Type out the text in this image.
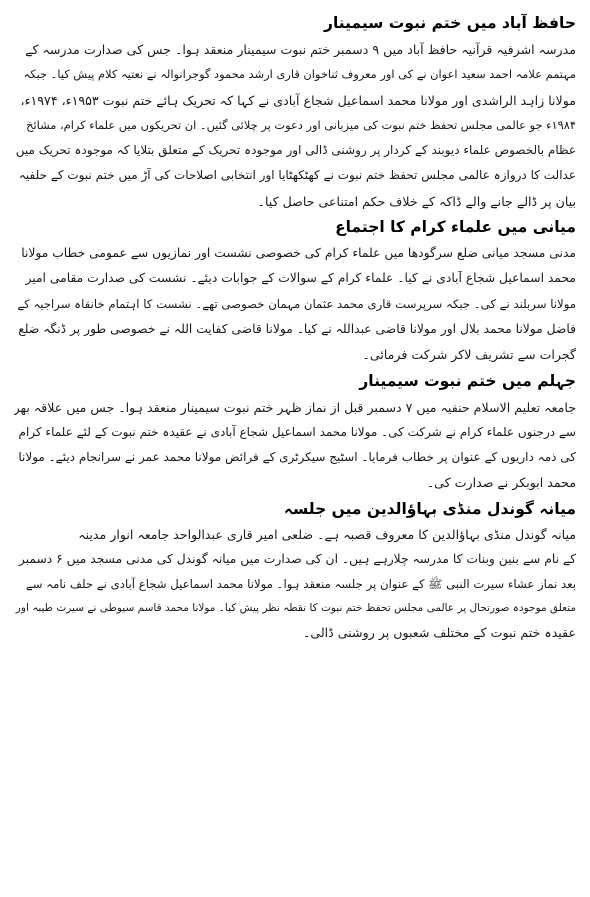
حافظ آباد میں ختم نبوت سیمینار

مدرسہ اشرفیہ قرآنیہ حافظ آباد میں ۹ دسمبر ختم نبوت سیمینار منعقد ہوا۔ جس کی صدارت مدرسہ کے

مہتمم علامہ احمد سعید اعوان نے کی اور معروف ثناخوان قاری ارشد محمود گوجرانوالہ نے نعتیہ کلام پیش کیا۔ جبکہ

مولانا زاہد الراشدی اور مولانا محمد اسماعیل شجاع آبادی نے کہا کہ تحریک ہائے ختم نبوت ۱۹۵۳ء، ۱۹۷۴ء،

۱۹۸۴ء جو عالمی مجلس تحفظ ختم نبوت کی میزبانی اور دعوت پر چلائی گئیں۔ ان تحریکوں میں علماء کرام، مشائخ

عظام بالخصوص علماء دیوبند کے کردار پر روشنی ڈالی اور موجودہ تحریک کے متعلق بتلایا کہ موجودہ تحریک میں

عدالت کا دروازہ عالمی مجلس تحفظ ختم نبوت نے کھٹکھٹایا اور انتخابی اصلاحات کی آڑ میں ختم نبوت کے حلفیہ

بیان پر ڈالے جانے والے ڈاکہ کے خلاف حکم امتناعی حاصل کیا۔

میانی میں علماء کرام کا اجتماع

مدنی مسجد میانی ضلع سرگودھا میں علماء کرام کی خصوصی نشست اور نمازیوں سے عمومی خطاب مولانا

محمد اسماعیل شجاع آبادی نے کیا۔ علماء کرام کے سوالات کے جوابات دیئے۔ نشست کی صدارت مقامی امیر

مولانا سربلند نے کی۔ جبکہ سرپرست قاری محمد عثمان مہمان خصوصی تھے۔ نشست کا اہتمام خانقاہ سراجیہ کے

فاضل مولانا محمد بلال اور مولانا قاضی عبداللہ نے کیا۔ مولانا قاضی کفایت اللہ نے خصوصی طور پر ڈنگہ ضلع

گجرات سے تشریف لاکر شرکت فرمائی۔

جہلم میں ختم نبوت سیمینار

جامعہ تعلیم الاسلام حنفیہ میں ۷ دسمبر قبل از نماز ظہر ختم نبوت سیمینار منعقد ہوا۔ جس میں علاقہ بھر

سے درجنوں علماء کرام نے شرکت کی۔ مولانا محمد اسماعیل شجاع آبادی نے عقیدہ ختم نبوت کے لئے علماء کرام

کی ذمہ داریوں کے عنوان پر خطاب فرمایا۔ اسٹیج سیکرٹری کے فرائض مولانا محمد عمر نے سرانجام دیئے۔ مولانا

محمد ابوبکر نے صدارت کی۔

میانہ گوندل منڈی بہاؤالدین میں جلسہ

میانہ گوندل منڈی بہاؤالدین کا معروف قصبہ ہے۔ ضلعی امیر قاری عبدالواحد جامعہ انوار مدینہ

کے نام سے بنین وبنات کا مدرسہ چلارہے ہیں۔ ان کی صدارت میں میانہ گوندل کی مدنی مسجد میں ۶ دسمبر

بعد نماز عشاء سیرت النبی ﷺ کے عنوان پر جلسہ منعقد ہوا۔ مولانا محمد اسماعیل شجاع آبادی نے حلف نامہ سے

متعلق موجودہ صورتحال پر عالمی مجلس تحفظ ختم نبوت کا نقطہ نظر پیش کیا۔ مولانا محمد قاسم سیوطی نے سیرت طیبہ اور

عقیدہ ختم نبوت کے مختلف شعبوں پر روشنی ڈالی۔
